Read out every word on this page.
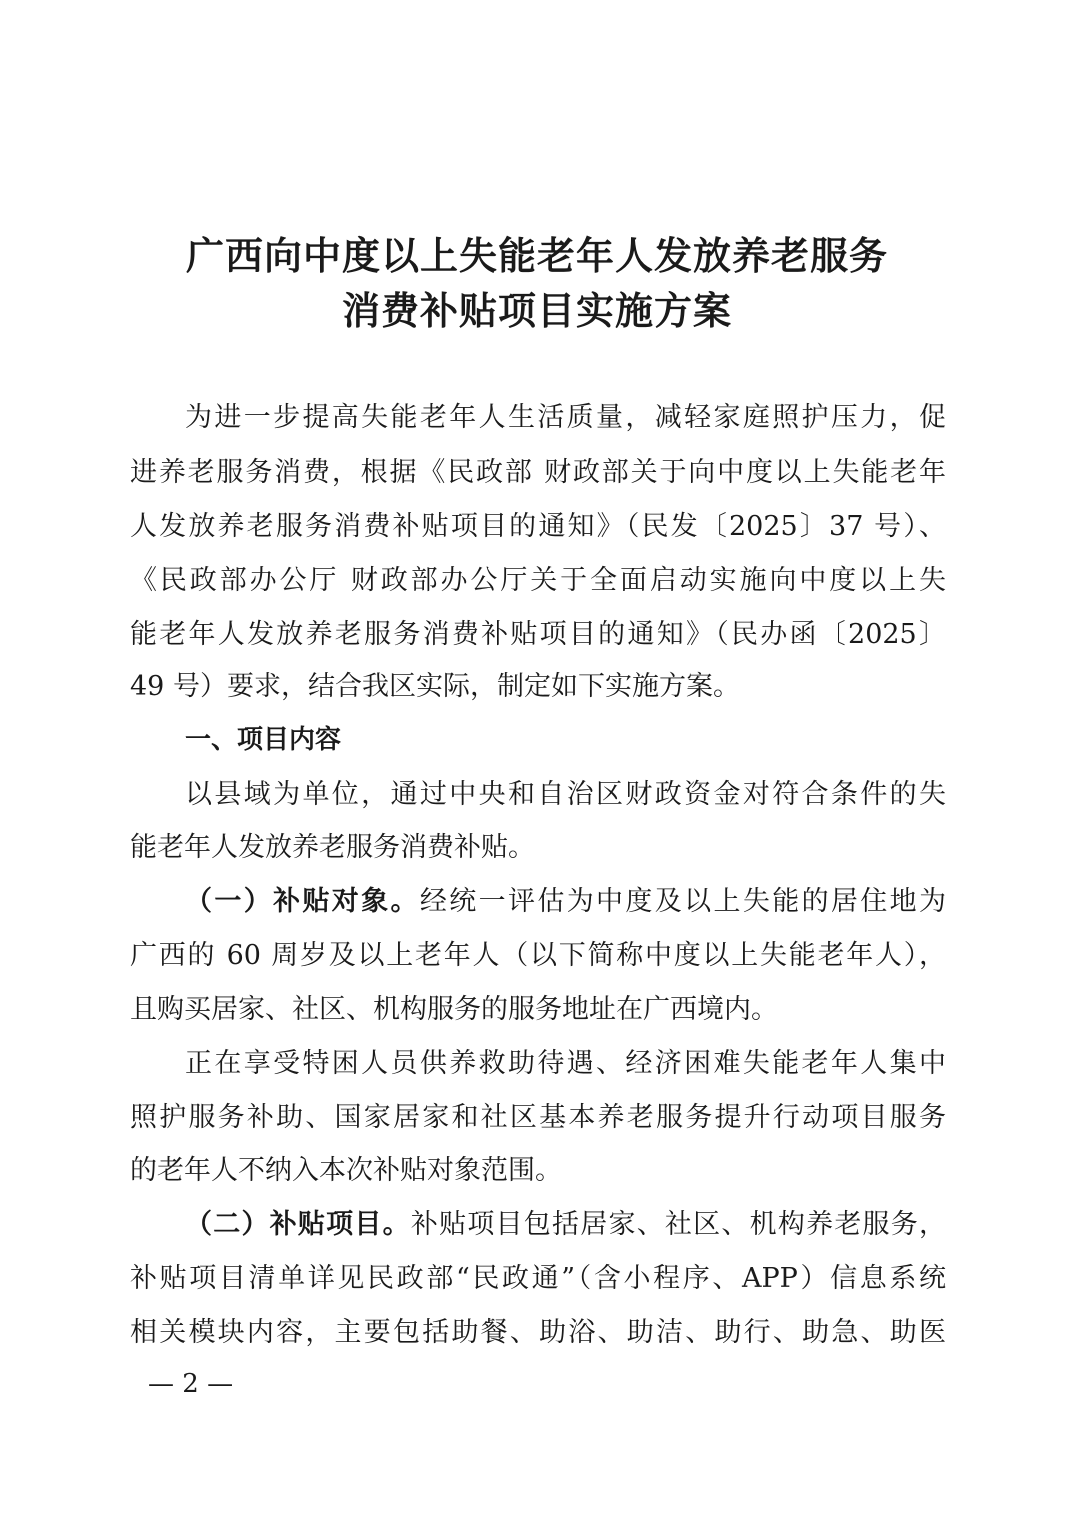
广西向中度以上失能老年人发放养老服务
消费补贴项目实施方案
为进一步提高失能老年人生活质量，减轻家庭照护压力，促
进养老服务消费，根据《民政部 财政部关于向中度以上失能老年
人发放养老服务消费补贴项目的通知》（民发〔2025〕37 号）、
《民政部办公厅 财政部办公厅关于全面启动实施向中度以上失
能老年人发放养老服务消费补贴项目的通知》（民办函〔2025〕
49 号）要求，结合我区实际，制定如下实施方案。
一、项目内容
以县域为单位，通过中央和自治区财政资金对符合条件的失
能老年人发放养老服务消费补贴。
（一）补贴对象。经统一评估为中度及以上失能的居住地为
广西的 60 周岁及以上老年人（以下简称中度以上失能老年人），
且购买居家、社区、机构服务的服务地址在广西境内。
正在享受特困人员供养救助待遇、经济困难失能老年人集中
照护服务补助、国家居家和社区基本养老服务提升行动项目服务
的老年人不纳入本次补贴对象范围。
（二）补贴项目。补贴项目包括居家、社区、机构养老服务，
补贴项目清单详见民政部“民政通”（含小程序、APP）信息系统
相关模块内容，主要包括助餐、助浴、助洁、助行、助急、助医
— 2 —
